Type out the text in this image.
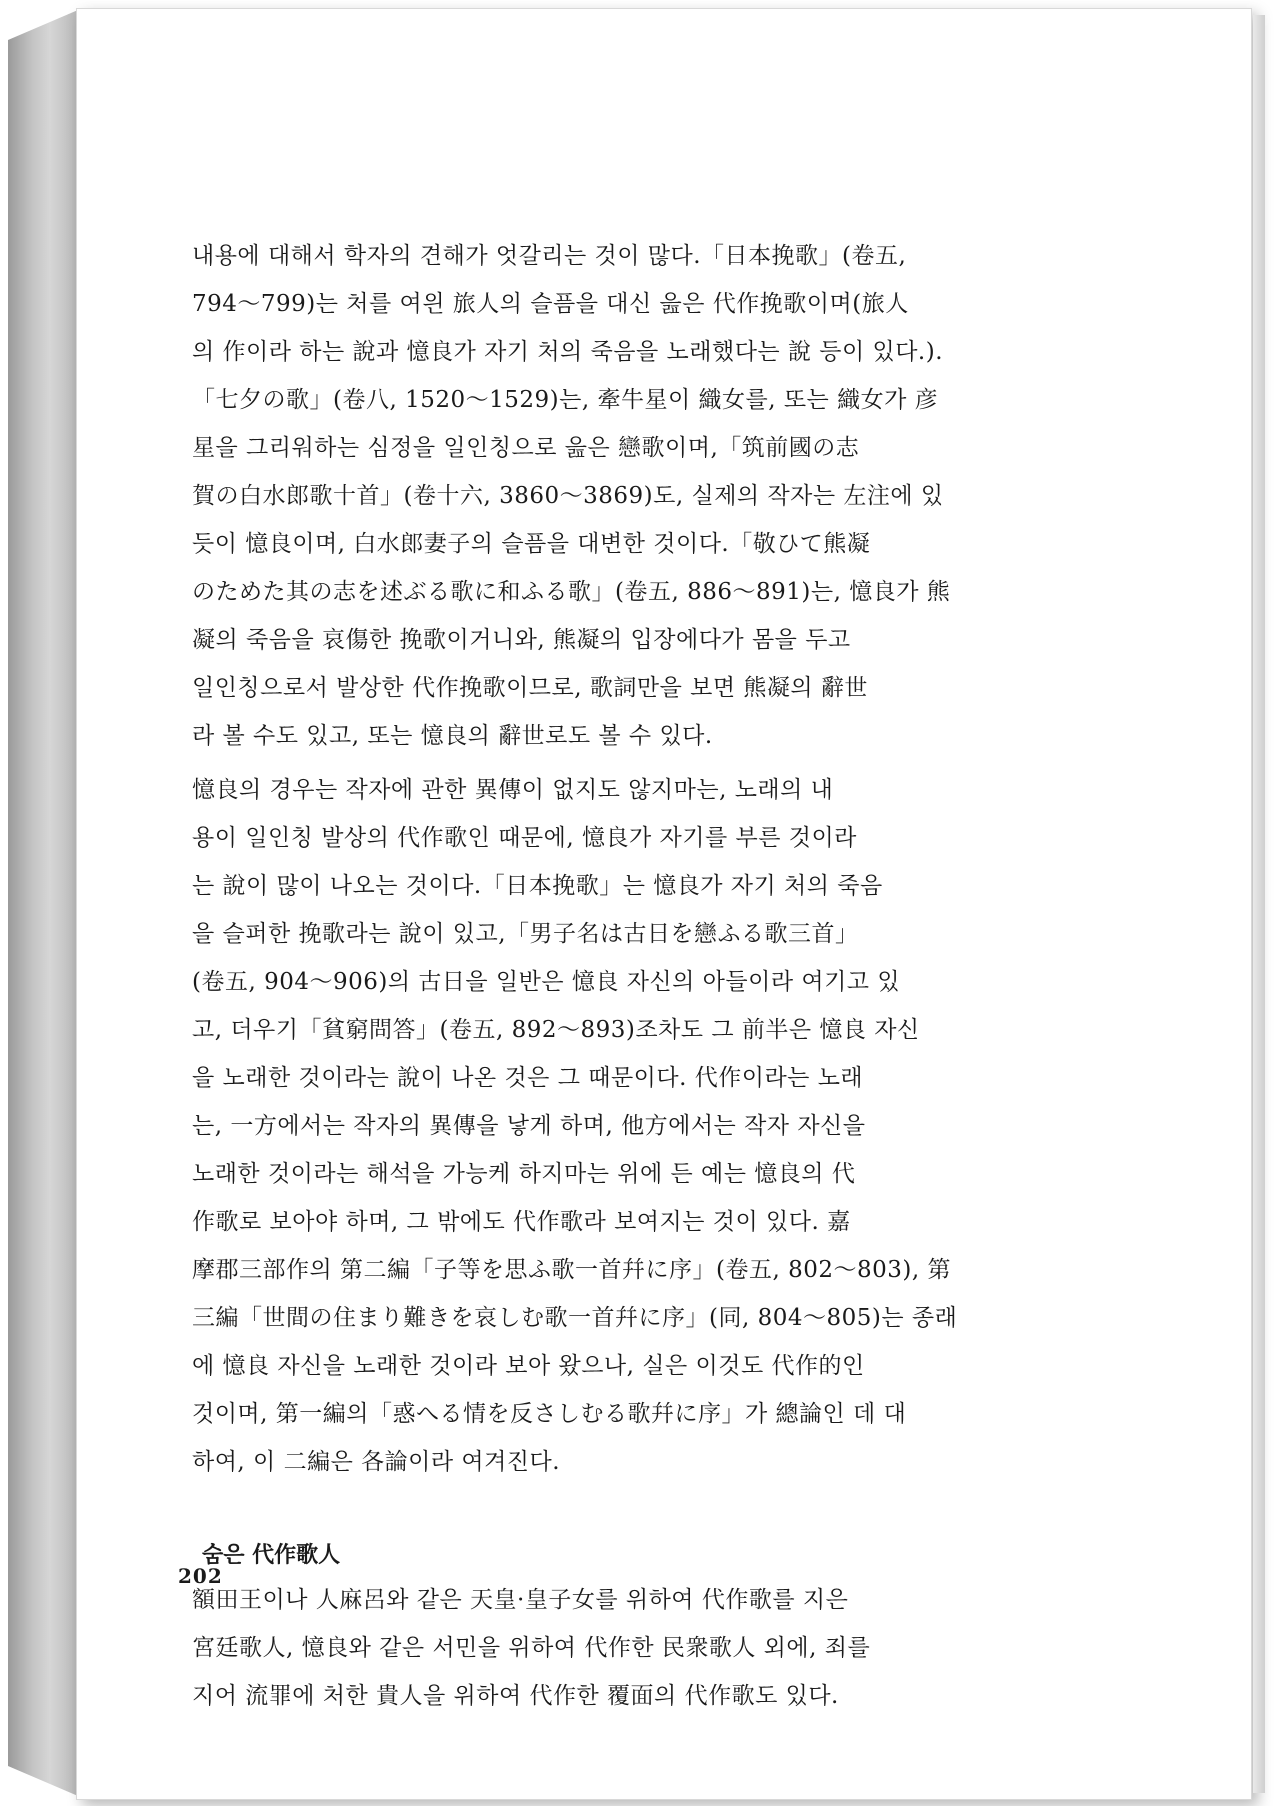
내용에 대해서 학자의 견해가 엇갈리는 것이 많다.「日本挽歌」(卷五,
794〜799)는 처를 여읜 旅人의 슬픔을 대신 읊은 代作挽歌이며(旅人
의 作이라 하는 說과 憶良가 자기 처의 죽음을 노래했다는 說 등이 있다.).
「七夕の歌」(卷八, 1520〜1529)는, 牽牛星이 織女를, 또는 織女가 彦
星을 그리워하는 심정을 일인칭으로 읊은 戀歌이며,「筑前國の志
賀の白水郎歌十首」(卷十六, 3860〜3869)도, 실제의 작자는 左注에 있
듯이 憶良이며, 白水郎妻子의 슬픔을 대변한 것이다.「敬ひて熊凝
のためた其の志を述ぶる歌に和ふる歌」(卷五, 886〜891)는, 憶良가 熊
凝의 죽음을 哀傷한 挽歌이거니와, 熊凝의 입장에다가 몸을 두고
일인칭으로서 발상한 代作挽歌이므로, 歌詞만을 보면 熊凝의 辭世
라 볼 수도 있고, 또는 憶良의 辭世로도 볼 수 있다.

憶良의 경우는 작자에 관한 異傳이 없지도 않지마는, 노래의 내
용이 일인칭 발상의 代作歌인 때문에, 憶良가 자기를 부른 것이라
는 說이 많이 나오는 것이다.「日本挽歌」는 憶良가 자기 처의 죽음
을 슬퍼한 挽歌라는 說이 있고,「男子名は古日を戀ふる歌三首」
(卷五, 904〜906)의 古日을 일반은 憶良 자신의 아들이라 여기고 있
고, 더우기「貧窮問答」(卷五, 892〜893)조차도 그 前半은 憶良 자신
을 노래한 것이라는 說이 나온 것은 그 때문이다. 代作이라는 노래
는, 一方에서는 작자의 異傳을 낳게 하며, 他方에서는 작자 자신을
노래한 것이라는 해석을 가능케 하지마는 위에 든 예는 憶良의 代
作歌로 보아야 하며, 그 밖에도 代作歌라 보여지는 것이 있다. 嘉
摩郡三部作의 第二編「子等を思ふ歌一首幷に序」(卷五, 802〜803), 第
三編「世間の住まり難きを哀しむ歌一首幷に序」(同, 804〜805)는 종래
에 憶良 자신을 노래한 것이라 보아 왔으나, 실은 이것도 代作的인
것이며, 第一編의「惑へる情を反さしむる歌幷に序」가 總論인 데 대
하여, 이 二編은 各論이라 여겨진다.

숨은 代作歌人

額田王이나 人麻呂와 같은 天皇·皇子女를 위하여 代作歌를 지은
宮廷歌人, 憶良와 같은 서민을 위하여 代作한 民衆歌人 외에, 죄를
지어 流罪에 처한 貴人을 위하여 代作한 覆面의 代作歌도 있다.

202
